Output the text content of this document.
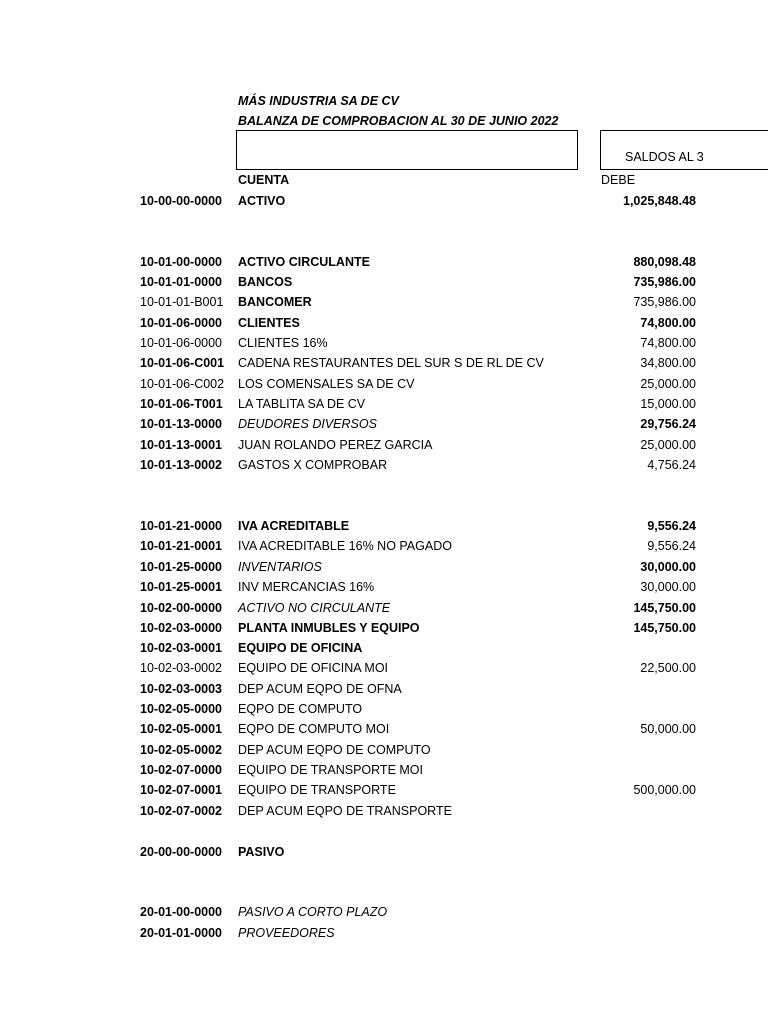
MÁS INDUSTRIA SA DE CV
BALANZA DE COMPROBACION AL 30 DE JUNIO 2022
SALDOS AL 3
CUENTA	DEBE
10-00-00-0000	ACTIVO	1,025,848.48
10-01-00-0000	ACTIVO CIRCULANTE	880,098.48
10-01-01-0000	BANCOS	735,986.00
10-01-01-B001	BANCOMER	735,986.00
10-01-06-0000	CLIENTES	74,800.00
10-01-06-0000	CLIENTES 16%	74,800.00
10-01-06-C001	CADENA RESTAURANTES DEL SUR S DE RL DE CV	34,800.00
10-01-06-C002	LOS COMENSALES SA DE CV	25,000.00
10-01-06-T001	LA TABLITA SA DE CV	15,000.00
10-01-13-0000	DEUDORES DIVERSOS	29,756.24
10-01-13-0001	JUAN ROLANDO PEREZ GARCIA	25,000.00
10-01-13-0002	GASTOS X COMPROBAR	4,756.24
10-01-21-0000	IVA ACREDITABLE	9,556.24
10-01-21-0001	IVA ACREDITABLE 16% NO PAGADO	9,556.24
10-01-25-0000	INVENTARIOS	30,000.00
10-01-25-0001	INV MERCANCIAS 16%	30,000.00
10-02-00-0000	ACTIVO NO CIRCULANTE	145,750.00
10-02-03-0000	PLANTA INMUBLES Y EQUIPO	145,750.00
10-02-03-0001	EQUIPO DE OFICINA
10-02-03-0002	EQUIPO DE OFICINA MOI	22,500.00
10-02-03-0003	DEP ACUM EQPO DE OFNA
10-02-05-0000	EQPO DE COMPUTO
10-02-05-0001	EQPO DE COMPUTO MOI	50,000.00
10-02-05-0002	DEP ACUM EQPO DE COMPUTO
10-02-07-0000	EQUIPO DE TRANSPORTE MOI
10-02-07-0001	EQUIPO DE TRANSPORTE	500,000.00
10-02-07-0002	DEP ACUM EQPO DE TRANSPORTE
20-00-00-0000	PASIVO
20-01-00-0000	PASIVO A CORTO PLAZO
20-01-01-0000	PROVEEDORES
